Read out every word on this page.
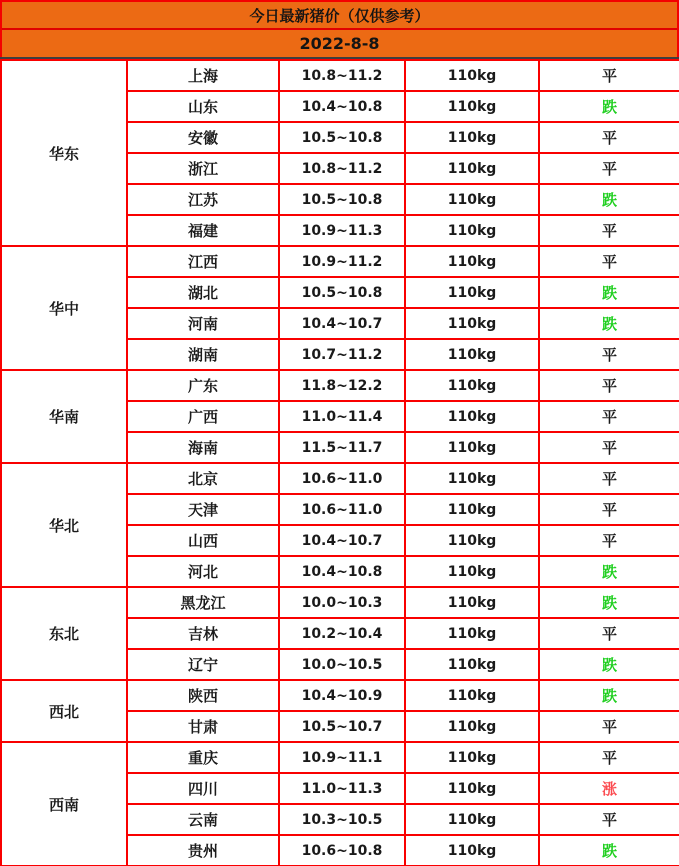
今日最新猪价（仅供参考）
2022-8-8
华东	上海	10.8~11.2	110kg	平
	山东	10.4~10.8	110kg	跌
	安徽	10.5~10.8	110kg	平
	浙江	10.8~11.2	110kg	平
	江苏	10.5~10.8	110kg	跌
	福建	10.9~11.3	110kg	平
华中	江西	10.9~11.2	110kg	平
	湖北	10.5~10.8	110kg	跌
	河南	10.4~10.7	110kg	跌
	湖南	10.7~11.2	110kg	平
华南	广东	11.8~12.2	110kg	平
	广西	11.0~11.4	110kg	平
	海南	11.5~11.7	110kg	平
华北	北京	10.6~11.0	110kg	平
	天津	10.6~11.0	110kg	平
	山西	10.4~10.7	110kg	平
	河北	10.4~10.8	110kg	跌
东北	黑龙江	10.0~10.3	110kg	跌
	吉林	10.2~10.4	110kg	平
	辽宁	10.0~10.5	110kg	跌
西北	陕西	10.4~10.9	110kg	跌
	甘肃	10.5~10.7	110kg	平
西南	重庆	10.9~11.1	110kg	平
	四川	11.0~11.3	110kg	涨
	云南	10.3~10.5	110kg	平
	贵州	10.6~10.8	110kg	跌
